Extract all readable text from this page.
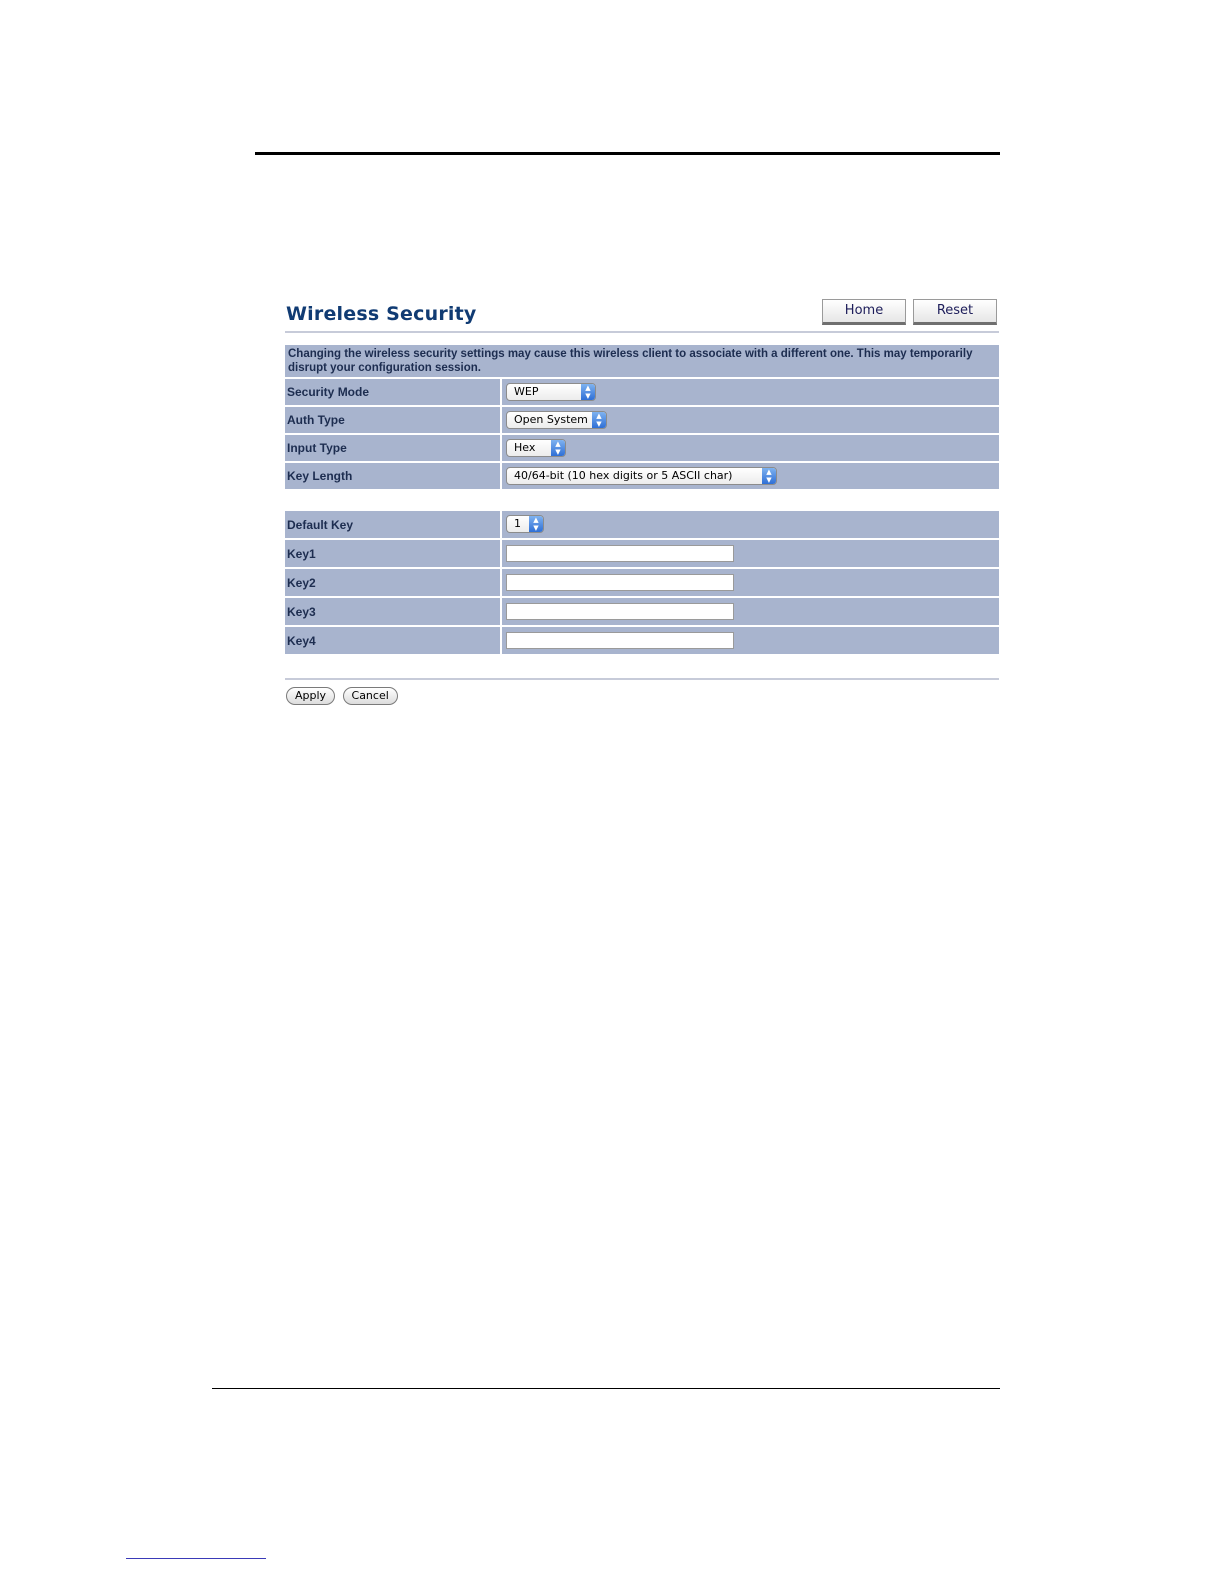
Wireless Security	Home	Reset
Changing the wireless security settings may cause this wireless client to associate with a different one. This may temporarily disrupt your configuration session.
Security Mode	WEP ▲
▼

Auth Type	Open System ▲
▼

Input Type	Hex ▲
▼

Key Length	40/64-bit (10 hex digits or 5 ASCII char) ▲
▼
Default Key	1 ▲
▼

Key1	
Key2	
Key3	
Key4	
Apply Cancel
